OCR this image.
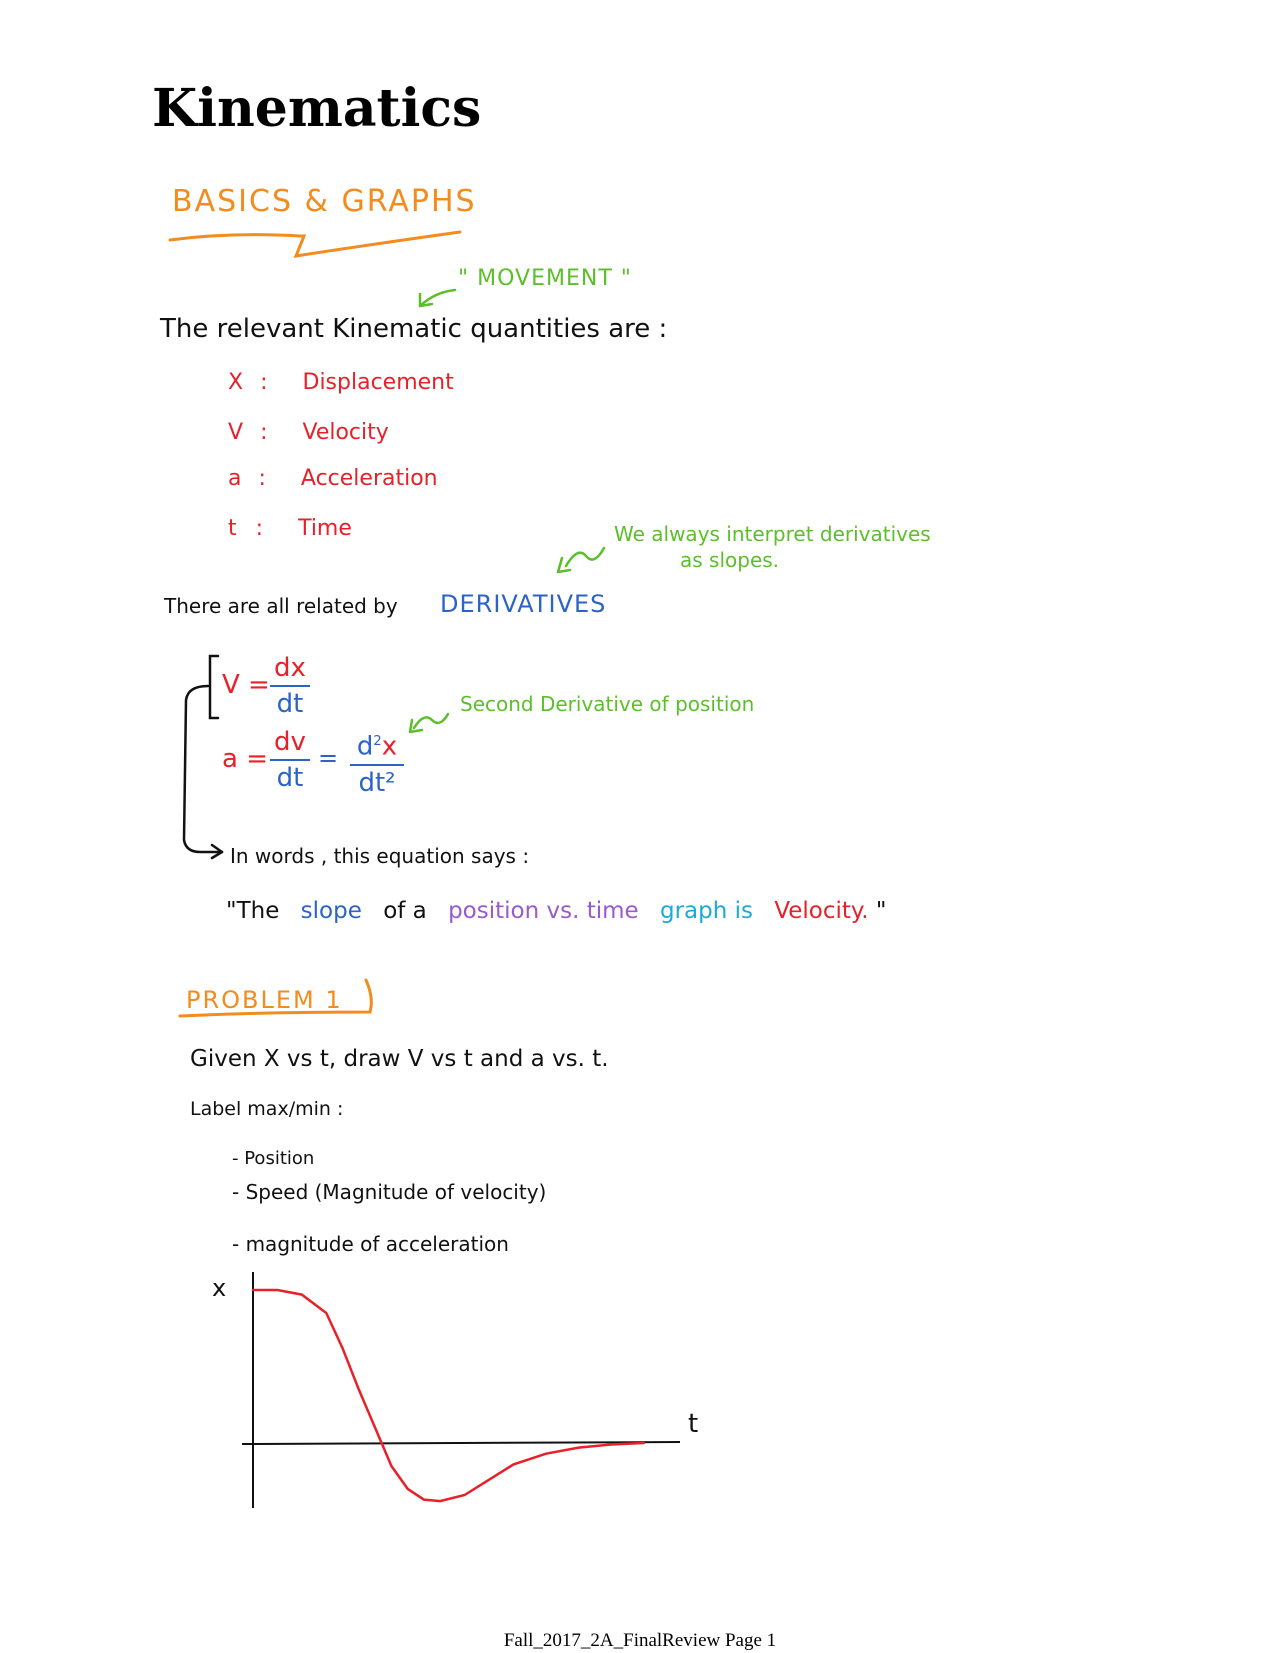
Kinematics
BASICS & GRAPHS
" MOVEMENT "
The relevant Kinematic quantities are :
X : Displacement
V : Velocity
a : Acceleration
t : Time	We always interpret derivatives
as slopes.
There are all related by DERIVATIVES
V =
dx
dt	Second Derivative of position
a =
dv
dt
= $d^2x$
dt²
In words , this equation says :
"The slope of a position vs. time graph is Velocity. "
PROBLEM 1
Given X vs t, draw V vs t and a vs. t.
Label max/min :
- Position
- Speed (Magnitude of velocity)
- magnitude of acceleration
x
t
Fall_2017_2A_FinalReview Page 1
